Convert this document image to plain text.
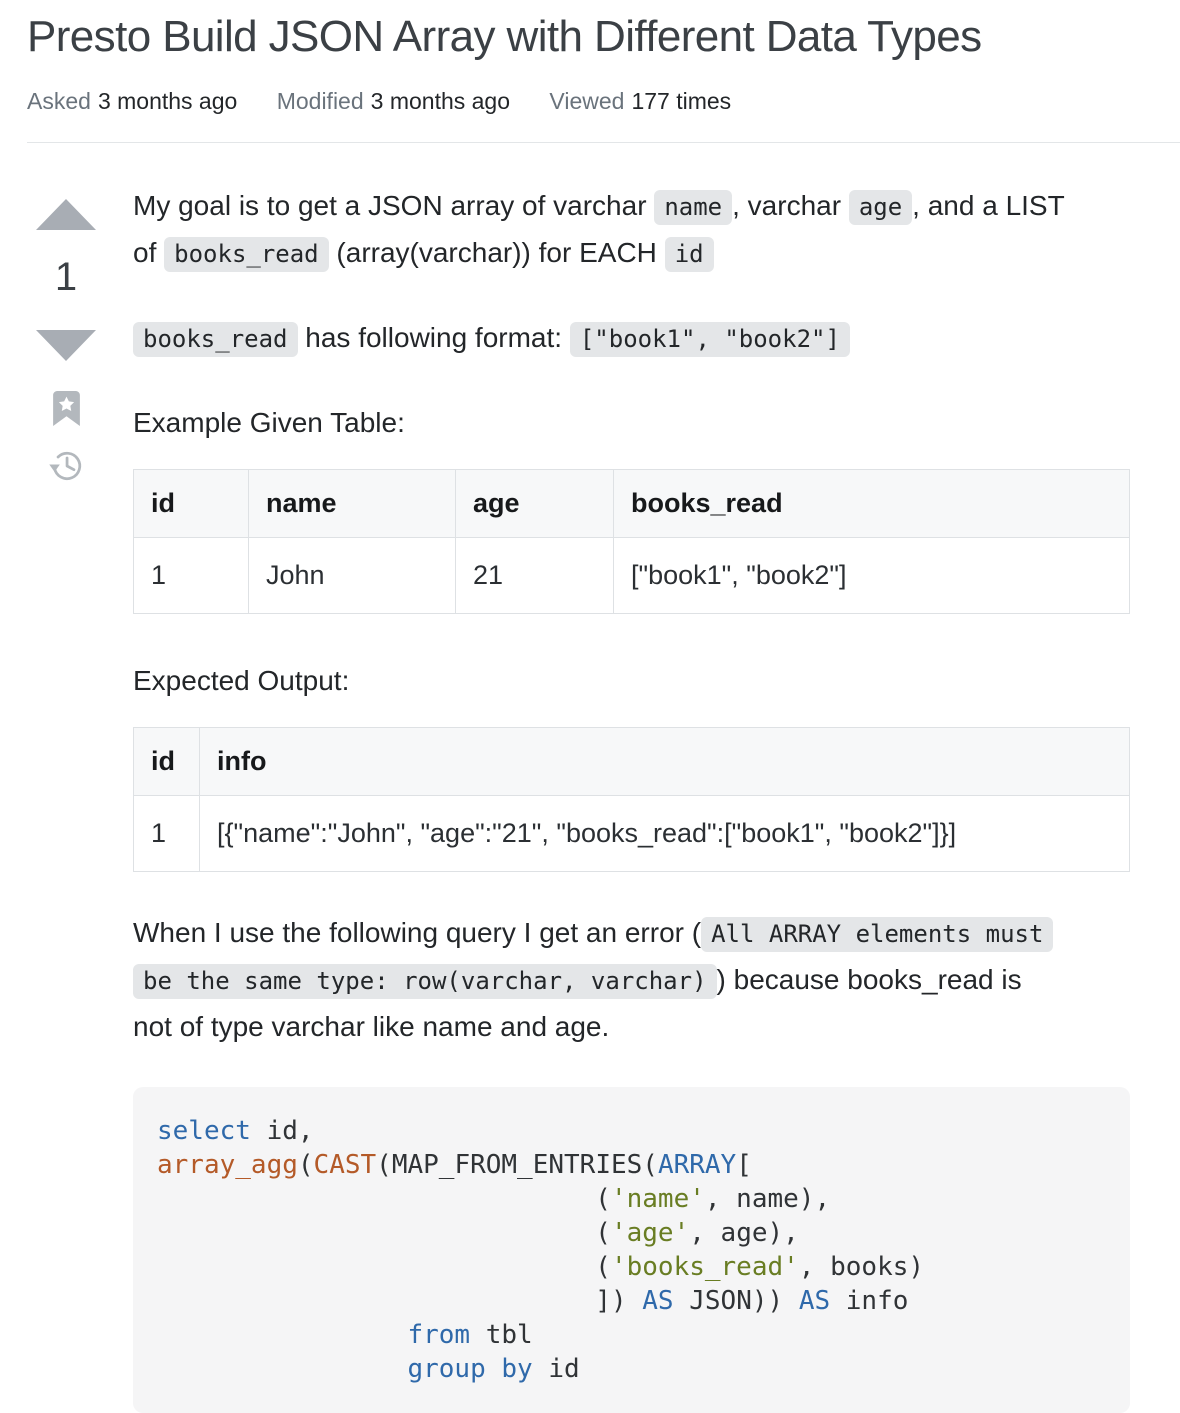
Presto Build JSON Array with Different Data Types
Asked 3 months ago Modified 3 months ago Viewed 177 times
1

My goal is to get a JSON array of varchar name , varchar age , and a LIST
of books_read (array(varchar)) for EACH id

books_read has following format: ["book1", "book2"]

Example Given Table:

id	name	age	books_read
1	John	21	["book1", "book2"]

Expected Output:

id	info
1	[{"name":"John", "age":"21", "books_read":["book1", "book2"]}]

When I use the following query I get an error ( All ARRAY elements must
be the same type: row(varchar, varchar) ) because books_read is
not of type varchar like name and age.

select id,
array_agg(CAST(MAP_FROM_ENTRIES(ARRAY[
('name', name),
('age', age),
('books_read', books)
]) AS JSON)) AS info
from tbl
group by id
